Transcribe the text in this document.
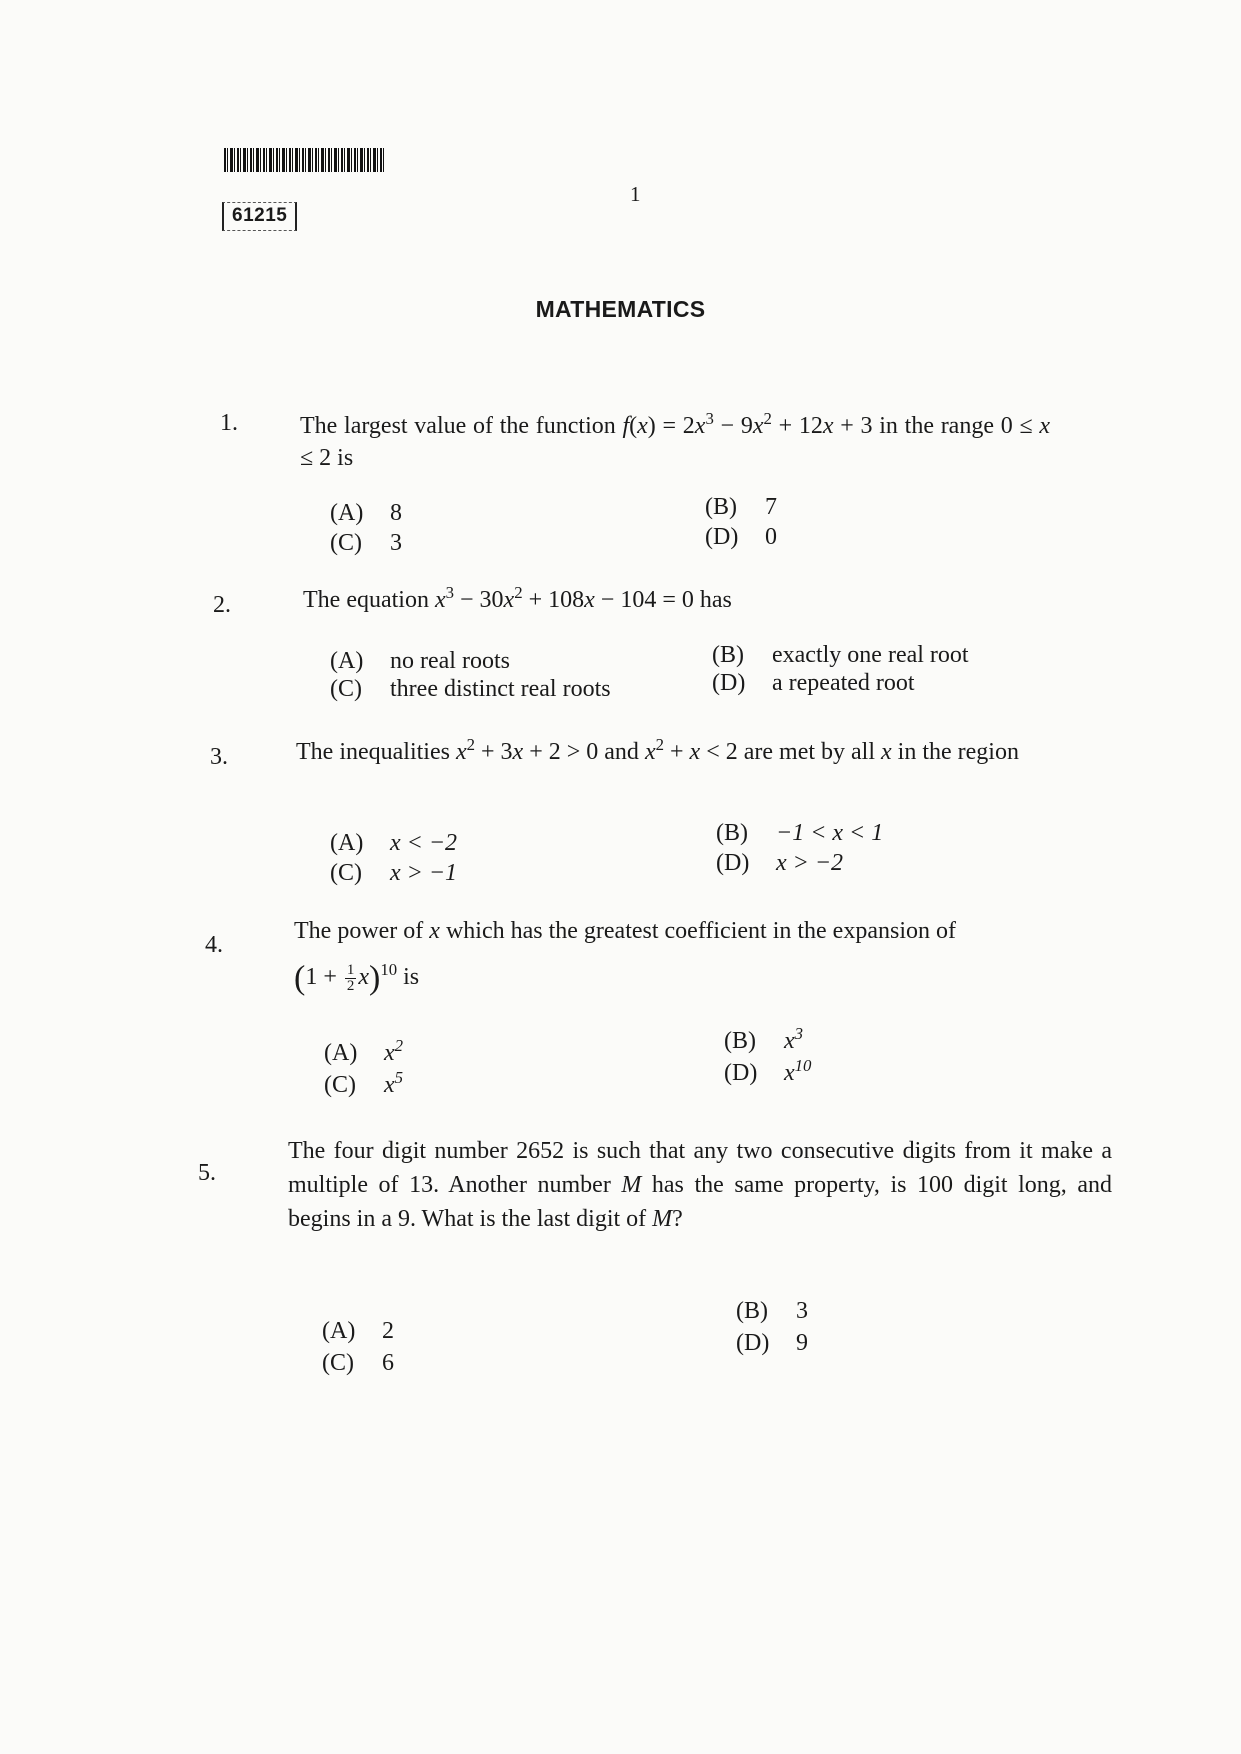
61215
1
MATHEMATICS
1.	The largest value of the function $f(x) = 2x^3 - 9x^2 + 12x + 3$ in the range 0 ≤ x ≤ 2 is
(A) 8	(B) 7
(C) 3	(D) 0
2.	The equation $x^3 - 30x^2 + 108x - 104 = 0$ has
(A) no real roots	(B) exactly one real root
(C) three distinct real roots	(D) a repeated root
3.	The inequalities $x^2 + 3x + 2 > 0$ and $x^2 + x < 2$ are met by all x in the region
(A) x < −2	(B) −1 < x < 1
(C) x > −1	(D) x > −2
4.
The power of x which has the greatest coefficient in the expansion of
$(1 + \frac{1}{2} x)^{10}$ is
(A) $x^2$	(B) $x^3$
(C) $x^5$	(D) $x^{10}$
5.
The four digit number 2652 is such that any two consecutive digits from it make a multiple of 13. Another number M has the same property, is 100 digit long, and begins in a 9. What is the last digit of M?
(A) 2
(B) 3
(C) 6
(D) 9
